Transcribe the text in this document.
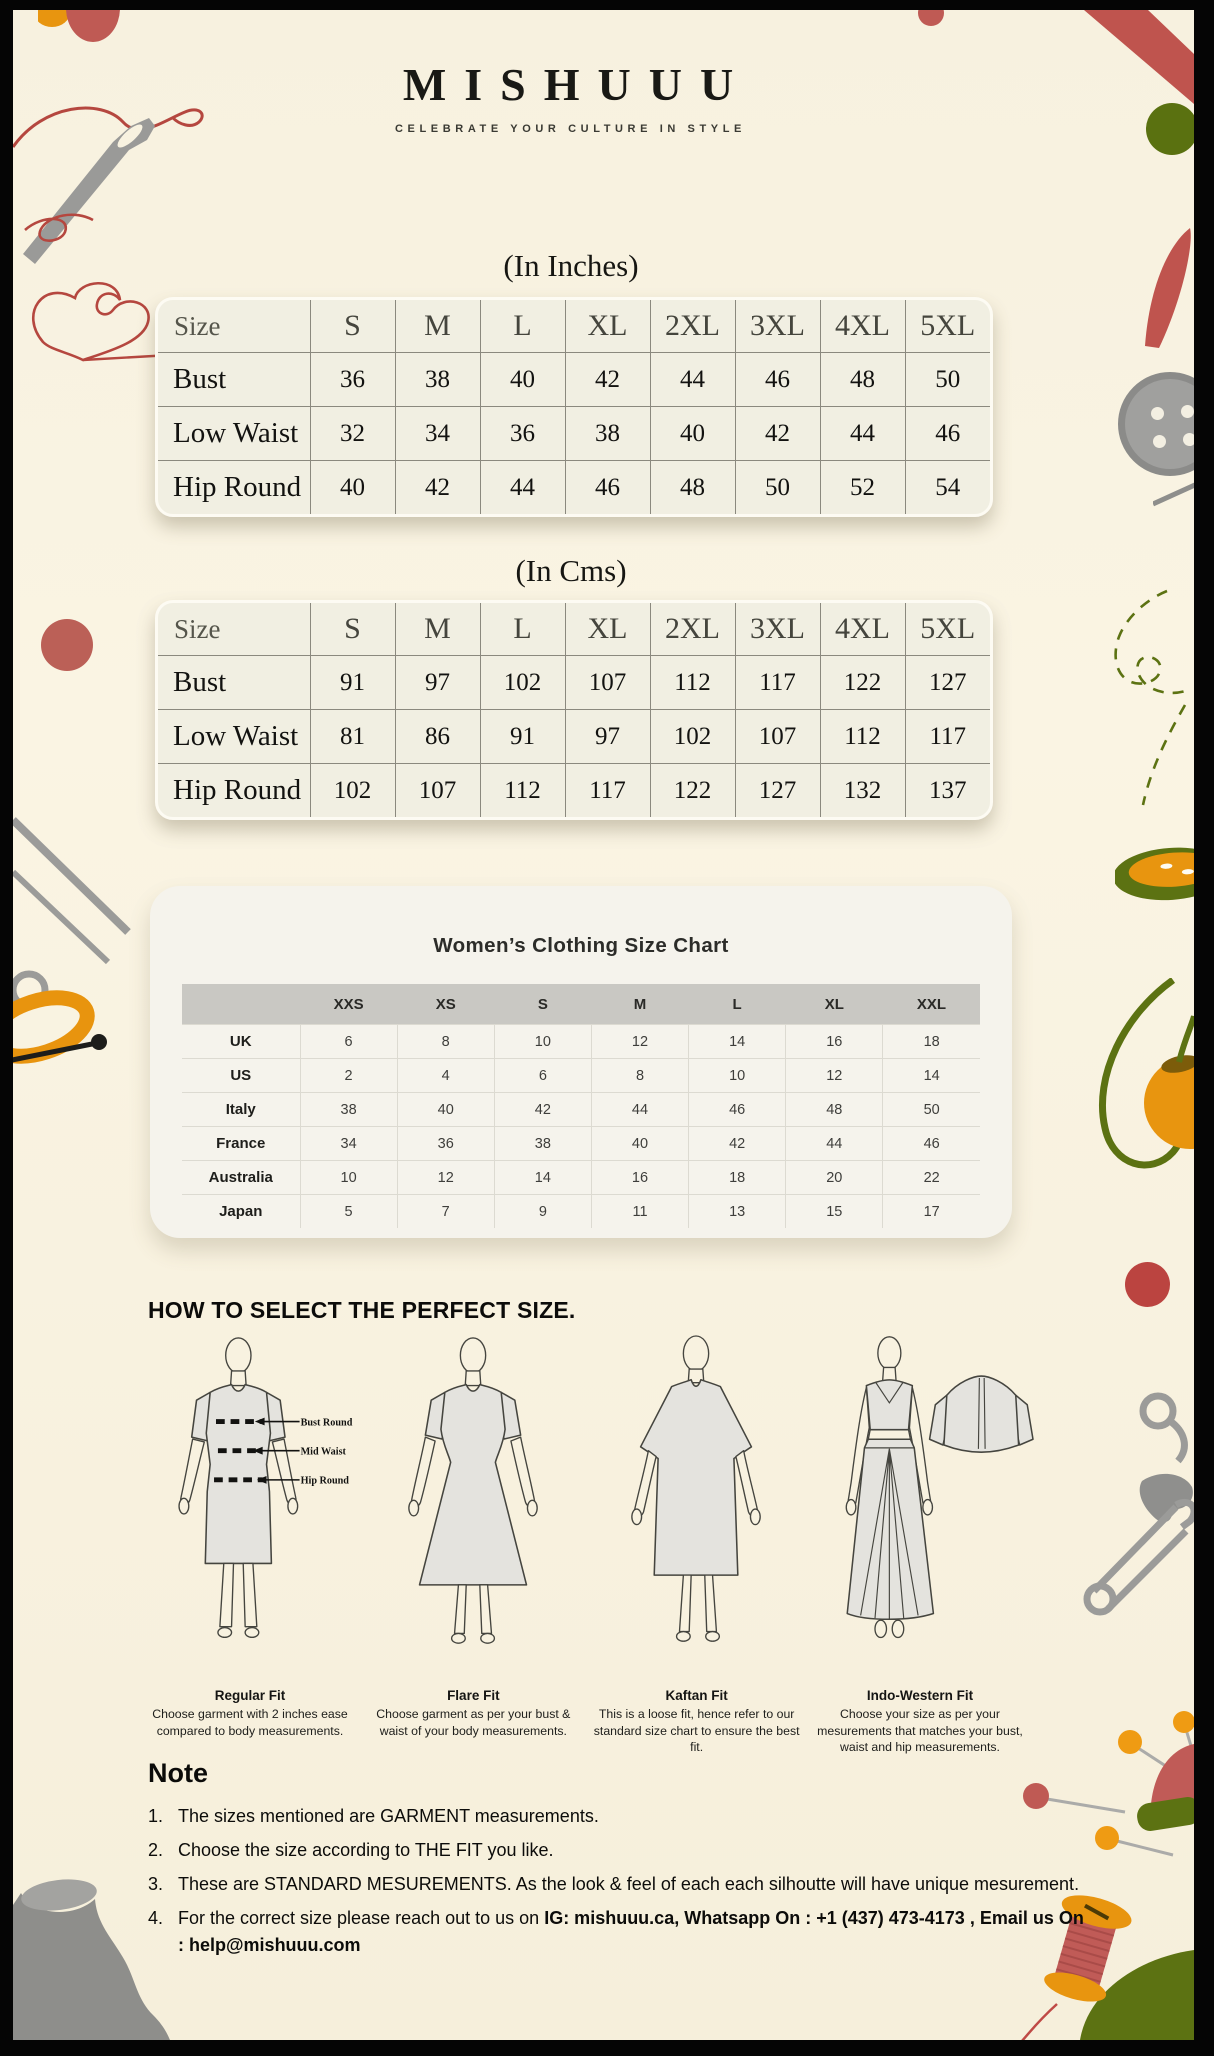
MISHUUU
CELEBRATE YOUR CULTURE IN STYLE
(In Inches)
Size	S	M	L	XL	2XL	3XL	4XL	5XL
Bust	36	38	40	42	44	46	48	50
Low Waist	32	34	36	38	40	42	44	46
Hip Round	40	42	44	46	48	50	52	54
(In Cms)
Size	S	M	L	XL	2XL	3XL	4XL	5XL
Bust	91	97	102	107	112	117	122	127
Low Waist	81	86	91	97	102	107	112	117
Hip Round	102	107	112	117	122	127	132	137
Women’s Clothing Size Chart
	XXS	XS	S	M	L	XL	XXL
UK	6	8	10	12	14	16	18
US	2	4	6	8	10	12	14
Italy	38	40	42	44	46	48	50
France	34	36	38	40	42	44	46
Australia	10	12	14	16	18	20	22
Japan	5	7	9	11	13	15	17
HOW TO SELECT THE PERFECT SIZE.
Bust Round
Mid Waist
Hip Round
Regular Fit
Choose garment with 2 inches ease compared to body measurements.
Flare Fit
Choose garment as per your bust & waist of your body measurements.
Kaftan Fit
This is a loose fit, hence refer to our standard size chart to ensure the best fit.
Indo-Western Fit
Choose your size as per your mesurements that matches your bust, waist and hip measurements.
Note
The sizes mentioned are GARMENT measurements.
Choose the size according to THE FIT you like.
These are STANDARD MESUREMENTS. As the look & feel of each each silhoutte will have unique mesurement.
For the correct size please reach out to us on IG: mishuuu.ca, Whatsapp On : +1 (437) 473-4173 , Email us On : help@mishuuu.com
